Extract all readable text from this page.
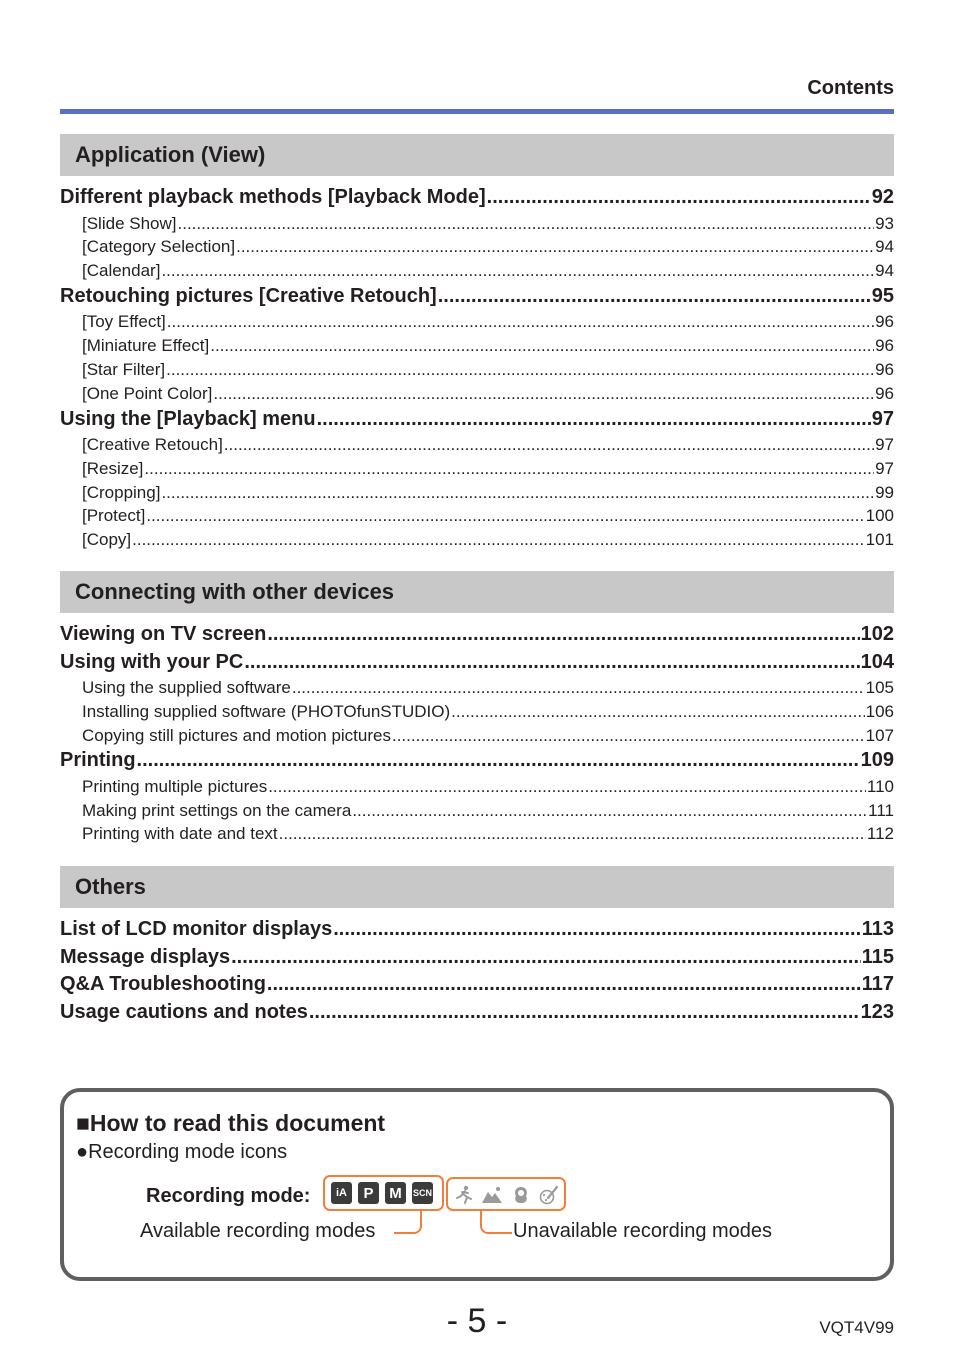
Contents
Application (View)
Different playback methods [Playback Mode] .....	92
[Slide Show] .....	93
[Category Selection] .....	94
[Calendar] .....	94
Retouching pictures [Creative Retouch] .....	95
[Toy Effect] .....	96
[Miniature Effect] .....	96
[Star Filter] .....	96
[One Point Color] .....	96
Using the [Playback] menu .....	97
[Creative Retouch] .....	97
[Resize] .....	97
[Cropping] .....	99
[Protect] .....	100
[Copy] .....	101
Connecting with other devices
Viewing on TV screen .....	102
Using with your PC .....	104
Using the supplied software .....	105
Installing supplied software (PHOTOfunSTUDIO) .....	106
Copying still pictures and motion pictures .....	107
Printing .....	109
Printing multiple pictures .....	110
Making print settings on the camera .....	111
Printing with date and text .....	112
Others
List of LCD monitor displays .....	113
Message displays .....	115
Q&A Troubleshooting .....	117
Usage cautions and notes .....	123
■How to read this document
●Recording mode icons
Recording mode:	iA	P	M	SCN
Available recording modes	Unavailable recording modes
- 5 -	VQT4V99
